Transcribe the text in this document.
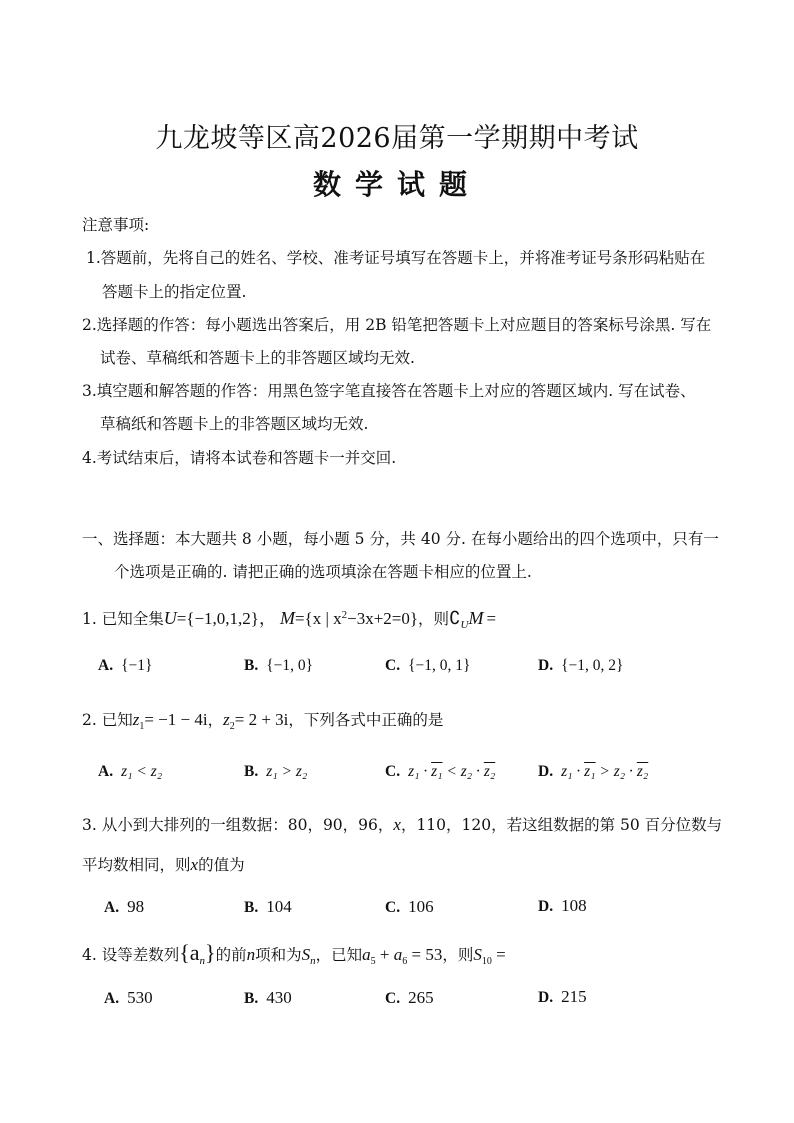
九龙坡等区高2026届第一学期期中考试
数学试题
注意事项:
1.答题前，先将自己的姓名、学校、准考证号填写在答题卡上，并将准考证号条形码粘贴在
答题卡上的指定位置.
2.选择题的作答：每小题选出答案后，用 2B 铅笔把答题卡上对应题目的答案标号涂黑. 写在
试卷、草稿纸和答题卡上的非答题区域均无效.
3.填空题和解答题的作答：用黑色签字笔直接答在答题卡上对应的答题区域内. 写在试卷、
草稿纸和答题卡上的非答题区域均无效.
4.考试结束后，请将本试卷和答题卡一并交回.
一、选择题：本大题共 8 小题，每小题 5 分，共 40 分. 在每小题给出的四个选项中，只有一
个选项是正确的. 请把正确的选项填涂在答题卡相应的位置上.
1. 已知全集U={−1,0,1,2}， M={x | $x^2-3x+2=0$}，则$∁_UM$ =
A. {−1}	B. {−1, 0}	C. {−1, 0, 1}	D. {−1, 0, 2}
2. 已知$z_1= -1 - 4i$，$z_2= 2 + 3i$，下列各式中正确的是
A. z₁ < z₂	B. z₁ > z₂	C. z₁ · z₁ < z₂ · z₂	D. z₁ · z₁ > z₂ · z₂
3. 从小到大排列的一组数据：80，90，96，x，110，120，若这组数据的第 50 百分位数与
平均数相同，则x的值为
A. 98	B. 104	C. 106	D. 108
4. 设等差数列$\{a_n\}$的前n项和为$S_n$，已知$a_5 + a_6 = 53$，则$S_{10}$ =
A. 530	B. 430	C. 265	D. 215
